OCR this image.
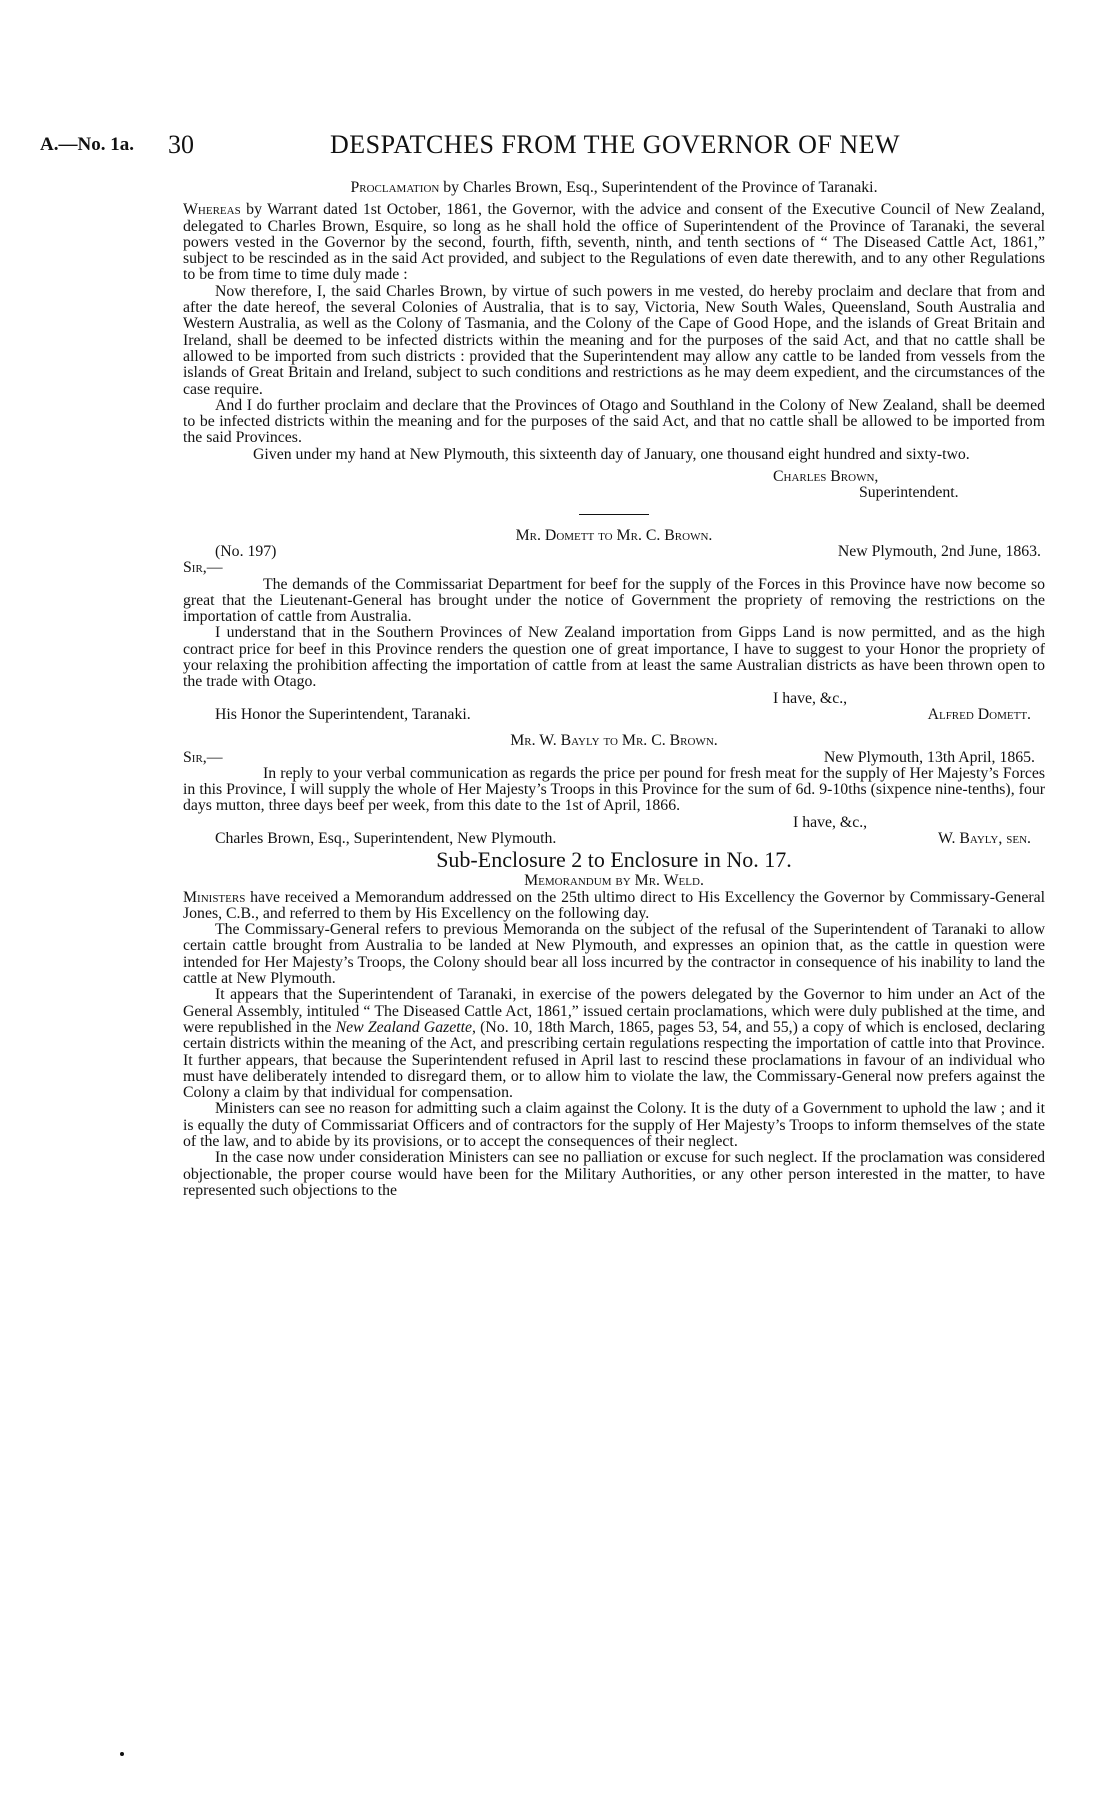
A.—No. 1a. 30	DESPATCHES FROM THE GOVERNOR OF NEW

Proclamation by Charles Brown, Esq., Superintendent of the Province of Taranaki.

Whereas by Warrant dated 1st October, 1861, the Governor, with the advice and consent of the Executive Council of New Zealand, delegated to Charles Brown, Esquire, so long as he shall hold the office of Superintendent of the Province of Taranaki, the several powers vested in the Governor by the second, fourth, fifth, seventh, ninth, and tenth sections of “ The Diseased Cattle Act, 1861,” subject to be rescinded as in the said Act provided, and subject to the Regulations of even date therewith, and to any other Regulations to be from time to time duly made :

Now therefore, I, the said Charles Brown, by virtue of such powers in me vested, do hereby proclaim and declare that from and after the date hereof, the several Colonies of Australia, that is to say, Victoria, New South Wales, Queensland, South Australia and Western Australia, as well as the Colony of Tasmania, and the Colony of the Cape of Good Hope, and the islands of Great Britain and Ireland, shall be deemed to be infected districts within the meaning and for the purposes of the said Act, and that no cattle shall be allowed to be imported from such districts : provided that the Superintendent may allow any cattle to be landed from vessels from the islands of Great Britain and Ireland, subject to such conditions and restrictions as he may deem expedient, and the circumstances of the case require.

And I do further proclaim and declare that the Provinces of Otago and Southland in the Colony of New Zealand, shall be deemed to be infected districts within the meaning and for the purposes of the said Act, and that no cattle shall be allowed to be imported from the said Provinces.

Given under my hand at New Plymouth, this sixteenth day of January, one thousand eight hundred and sixty-two.

Charles Brown,

Superintendent.

Mr. Domett to Mr. C. Brown.

(No. 197)	New Plymouth, 2nd June, 1863.

Sir,—

The demands of the Commissariat Department for beef for the supply of the Forces in this Province have now become so great that the Lieutenant-General has brought under the notice of Government the propriety of removing the restrictions on the importation of cattle from Australia.

I understand that in the Southern Provinces of New Zealand importation from Gipps Land is now permitted, and as the high contract price for beef in this Province renders the question one of great importance, I have to suggest to your Honor the propriety of your relaxing the prohibition affecting the importation of cattle from at least the same Australian districts as have been thrown open to the trade with Otago.

I have, &c.,

His Honor the Superintendent, Taranaki.	Alfred Domett.

Mr. W. Bayly to Mr. C. Brown.

Sir,—	New Plymouth, 13th April, 1865.

In reply to your verbal communication as regards the price per pound for fresh meat for the supply of Her Majesty’s Forces in this Province, I will supply the whole of Her Majesty’s Troops in this Province for the sum of 6d. 9-10ths (sixpence nine-tenths), four days mutton, three days beef per week, from this date to the 1st of April, 1866.

I have, &c.,

Charles Brown, Esq., Superintendent, New Plymouth.	W. Bayly, sen.

Sub-Enclosure 2 to Enclosure in No. 17.

Memorandum by Mr. Weld.

Ministers have received a Memorandum addressed on the 25th ultimo direct to His Excellency the Governor by Commissary-General Jones, C.B., and referred to them by His Excellency on the following day.

The Commissary-General refers to previous Memoranda on the subject of the refusal of the Superintendent of Taranaki to allow certain cattle brought from Australia to be landed at New Plymouth, and expresses an opinion that, as the cattle in question were intended for Her Majesty’s Troops, the Colony should bear all loss incurred by the contractor in consequence of his inability to land the cattle at New Plymouth.

It appears that the Superintendent of Taranaki, in exercise of the powers delegated by the Governor to him under an Act of the General Assembly, intituled “ The Diseased Cattle Act, 1861,” issued certain proclamations, which were duly published at the time, and were republished in the New Zealand Gazette, (No. 10, 18th March, 1865, pages 53, 54, and 55,) a copy of which is enclosed, declaring certain districts within the meaning of the Act, and prescribing certain regulations respecting the importation of cattle into that Province. It further appears, that because the Superintendent refused in April last to rescind these proclamations in favour of an individual who must have deliberately intended to disregard them, or to allow him to violate the law, the Commissary-General now prefers against the Colony a claim by that individual for compensation.

Ministers can see no reason for admitting such a claim against the Colony. It is the duty of a Government to uphold the law ; and it is equally the duty of Commissariat Officers and of contractors for the supply of Her Majesty’s Troops to inform themselves of the state of the law, and to abide by its provisions, or to accept the consequences of their neglect.

In the case now under consideration Ministers can see no palliation or excuse for such neglect. If the proclamation was considered objectionable, the proper course would have been for the Military Authorities, or any other person interested in the matter, to have represented such objections to the
